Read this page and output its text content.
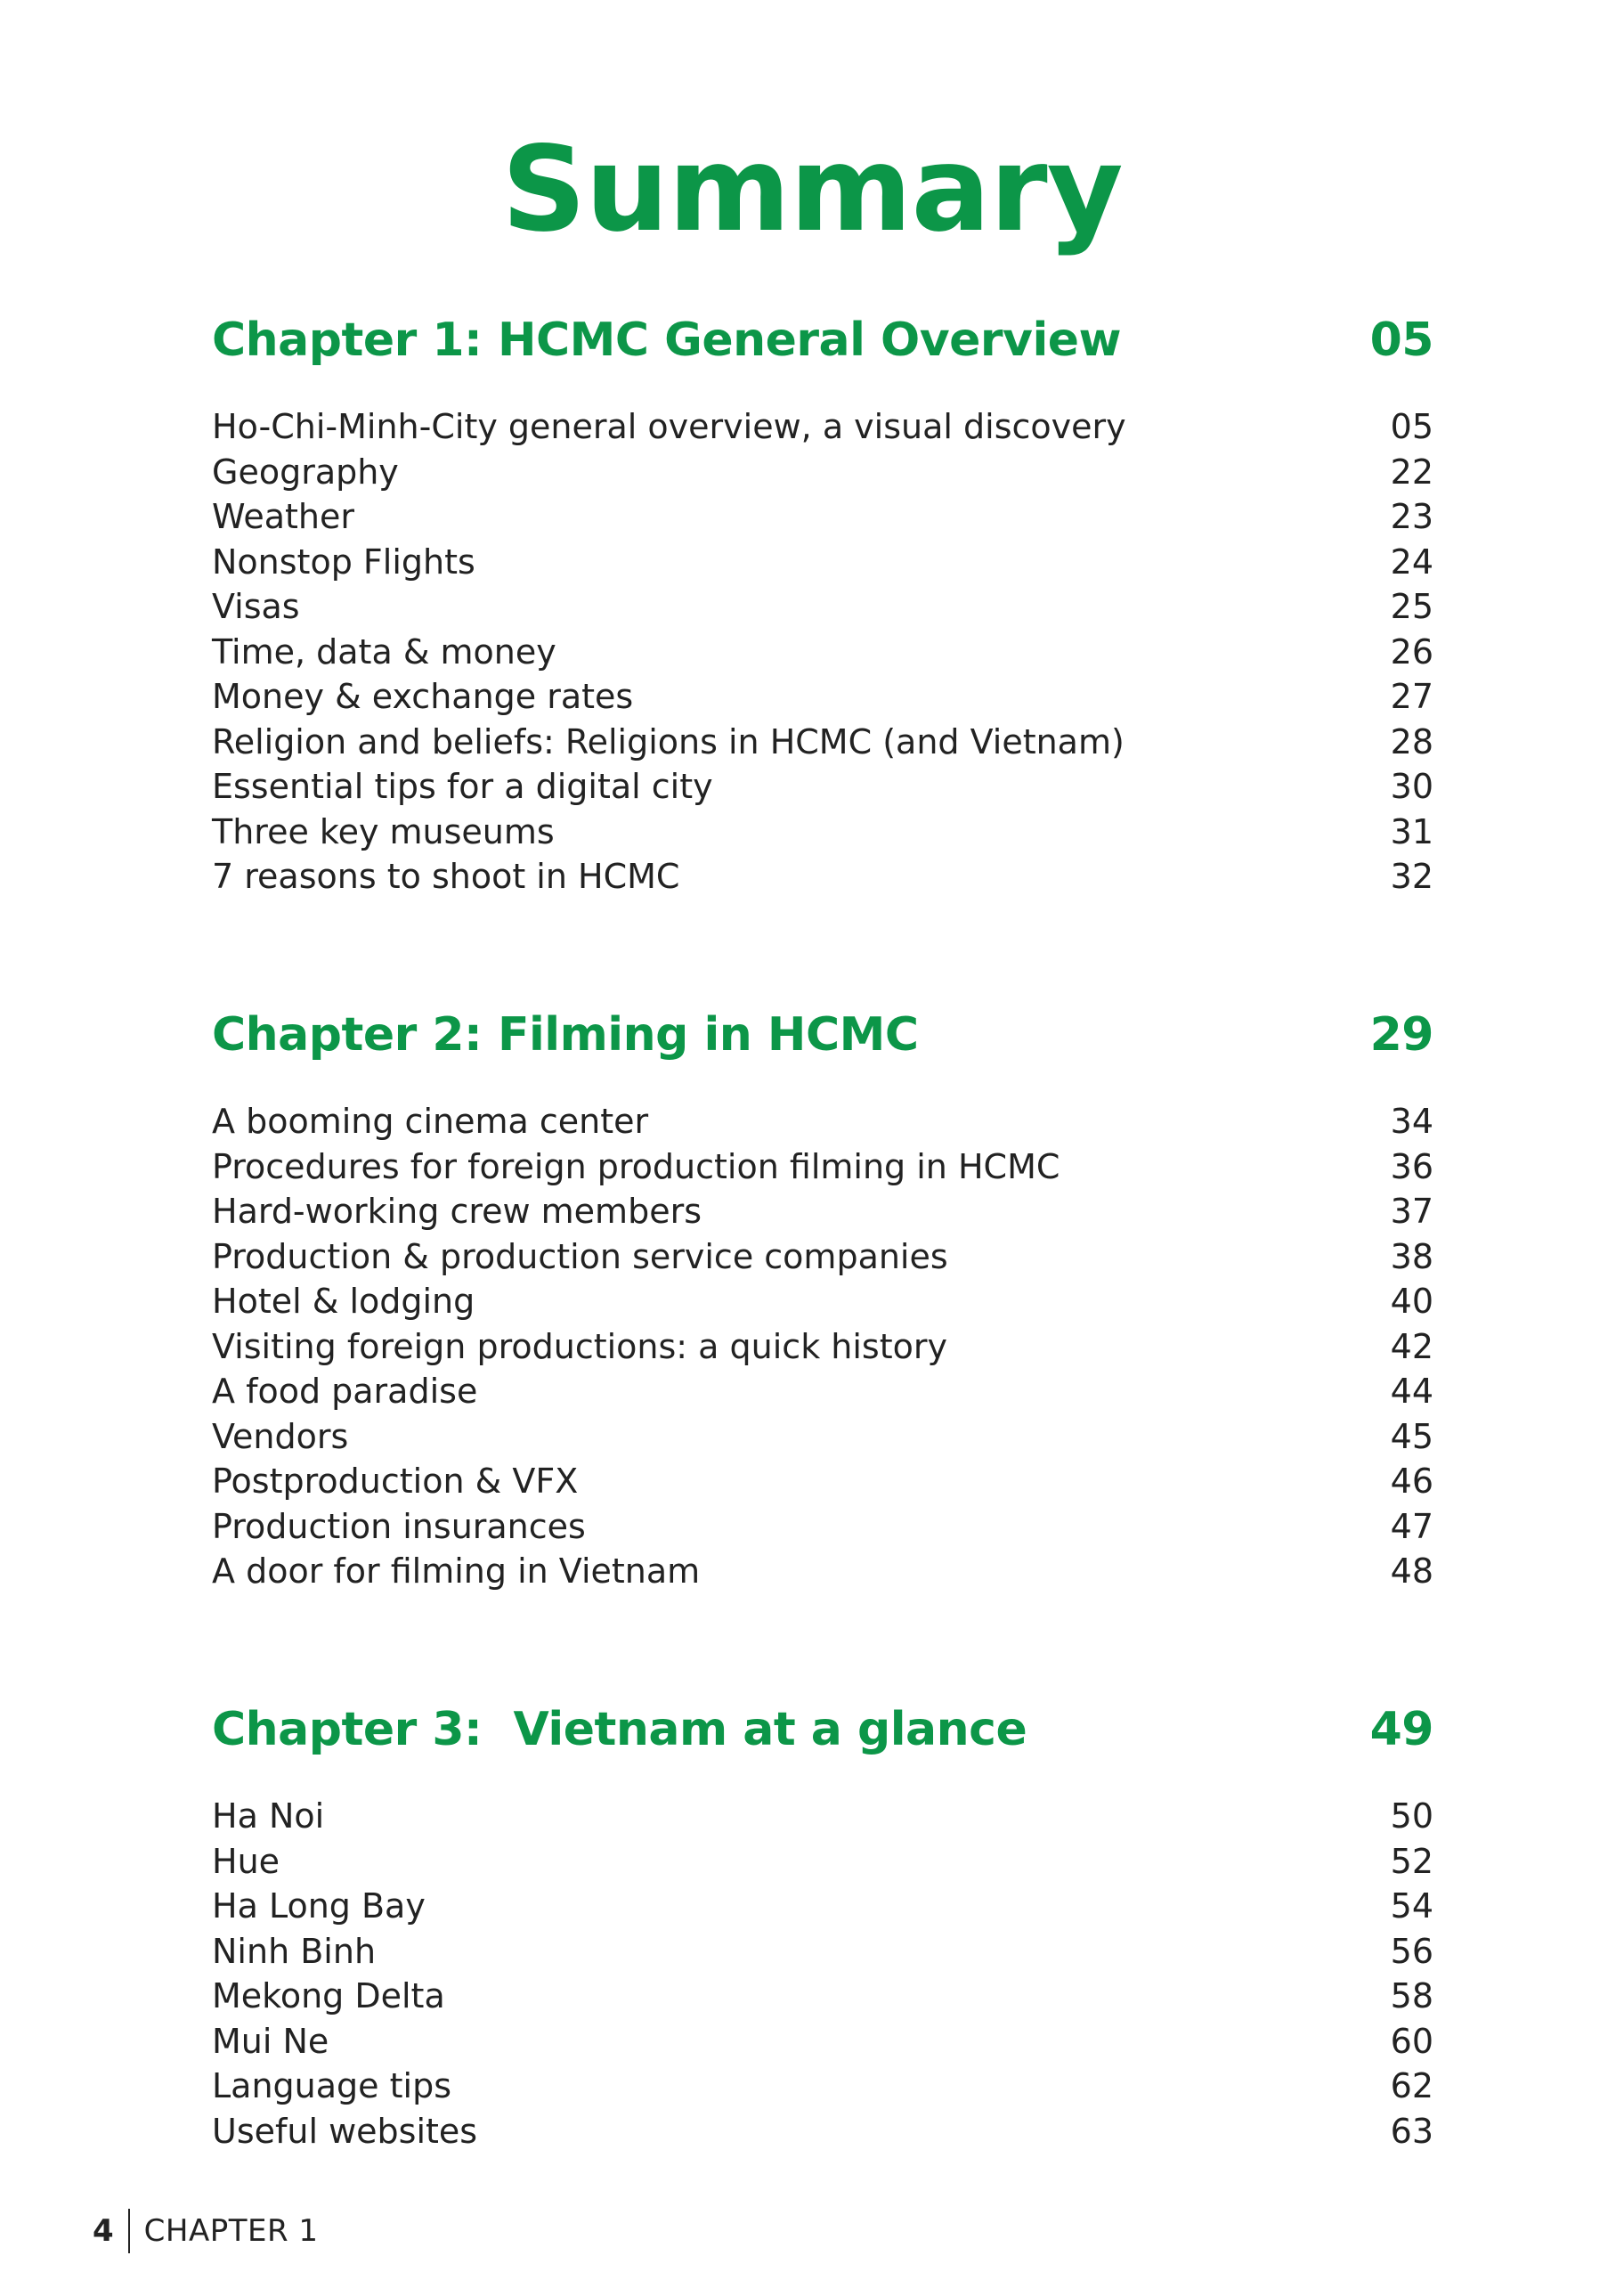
Summary
Chapter 1: HCMC General Overview	05
Ho-Chi-Minh-City general overview, a visual discovery	05
Geography	22
Weather	23
Nonstop Flights	24
Visas	25
Time, data & money	26
Money & exchange rates	27
Religion and beliefs: Religions in HCMC (and Vietnam)	28
Essential tips for a digital city	30
Three key museums	31
7 reasons to shoot in HCMC	32
Chapter 2: Filming in HCMC	29
A booming cinema center	34
Procedures for foreign production filming in HCMC	36
Hard-working crew members	37
Production & production service companies	38
Hotel & lodging	40
Visiting foreign productions: a quick history	42
A food paradise	44
Vendors	45
Postproduction & VFX	46
Production insurances	47
A door for filming in Vietnam	48
Chapter 3:  Vietnam at a glance	49
Ha Noi	50
Hue	52
Ha Long Bay	54
Ninh Binh	56
Mekong Delta	58
Mui Ne	60
Language tips	62
Useful websites	63
4 CHAPTER 1
